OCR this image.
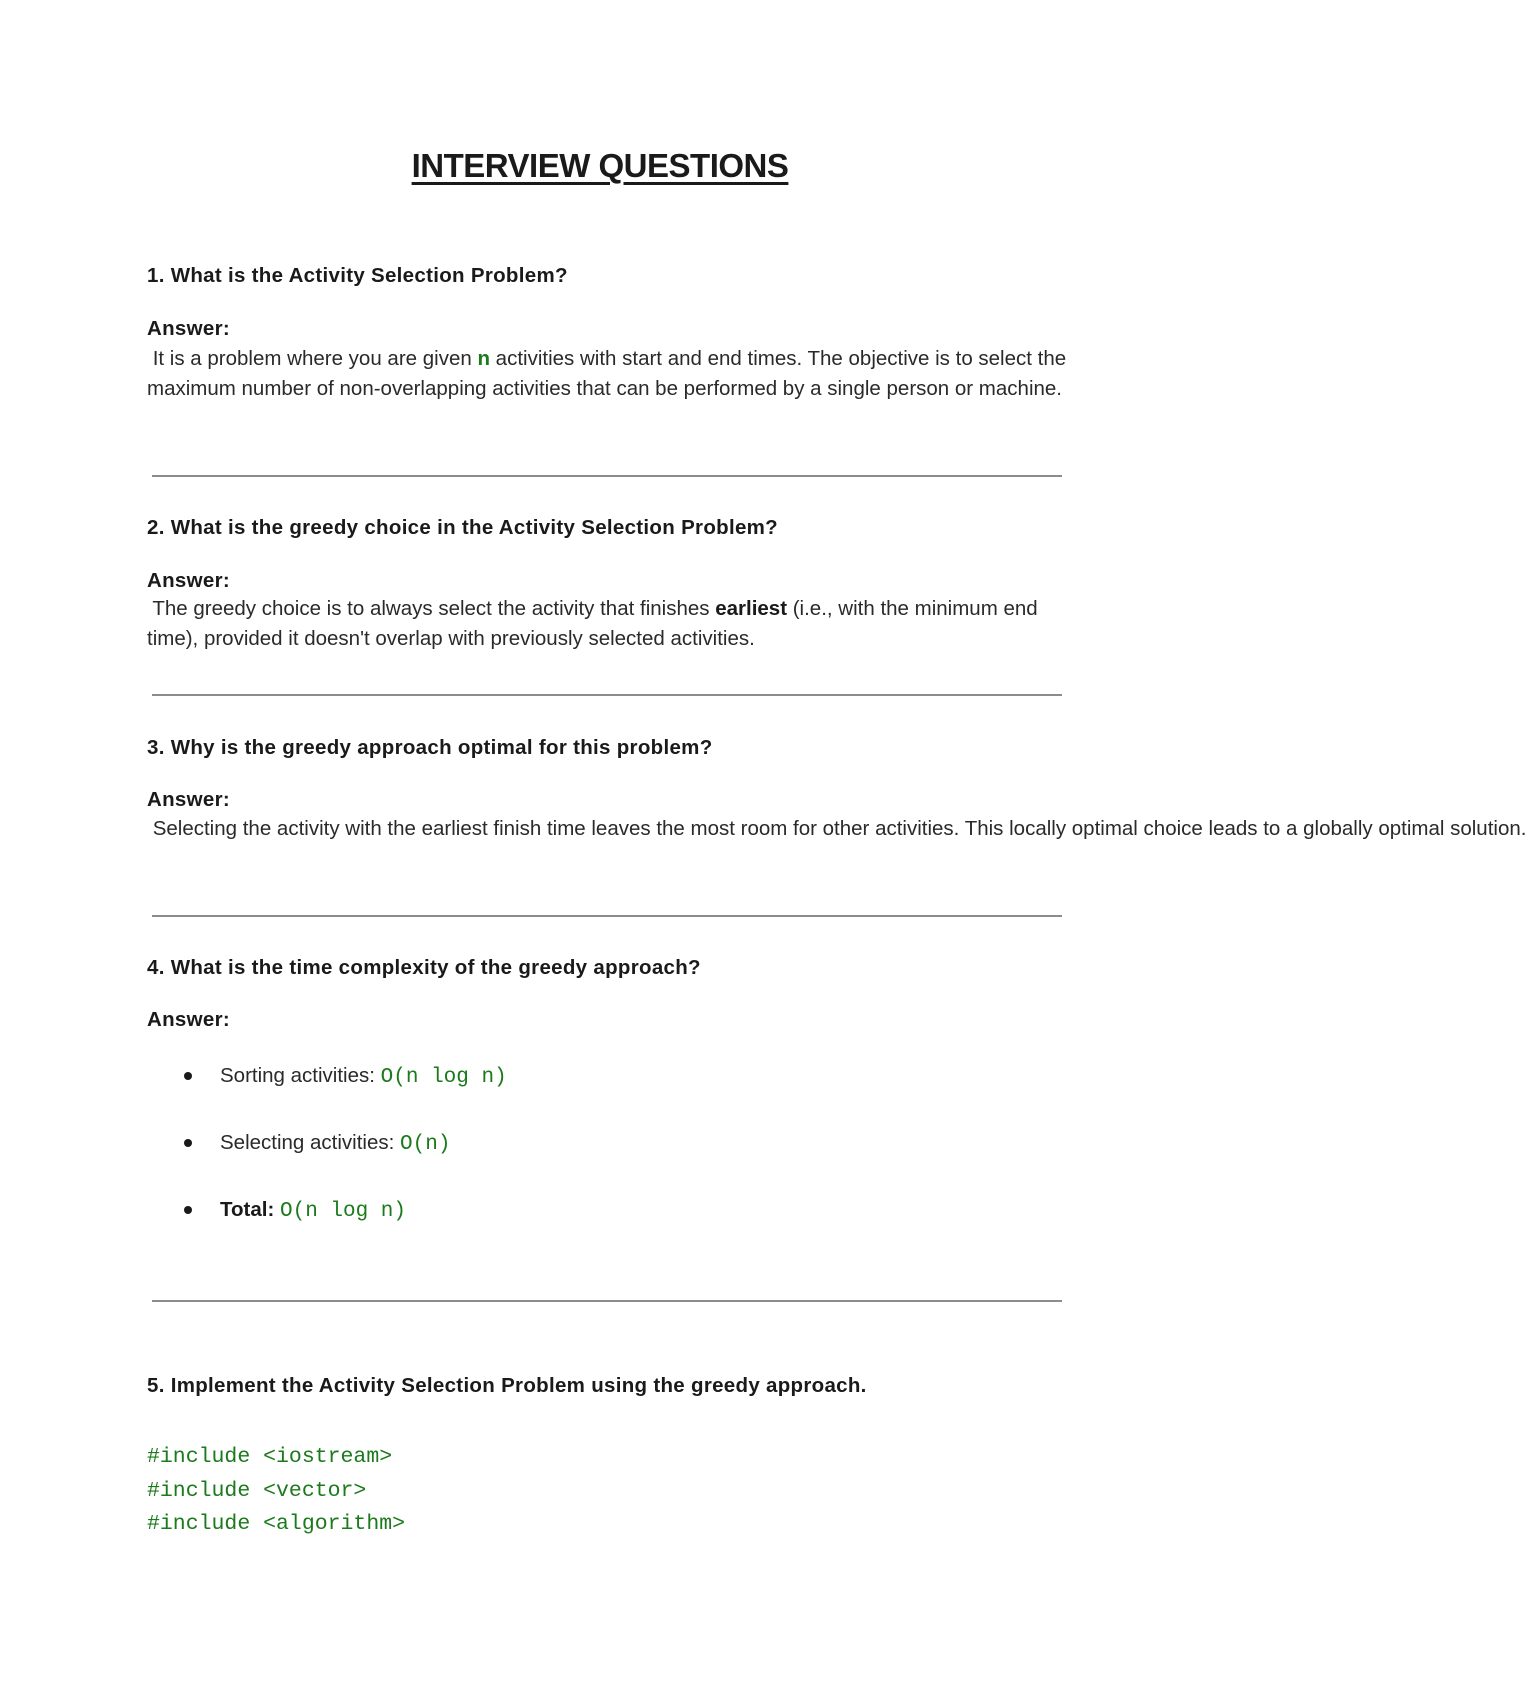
INTERVIEW QUESTIONS

1. What is the Activity Selection Problem?

Answer:

It is a problem where you are given n activities with start and end times. The objective is to select the maximum number of non-overlapping activities that can be performed by a single person or machine.

2. What is the greedy choice in the Activity Selection Problem?

Answer:

The greedy choice is to always select the activity that finishes earliest (i.e., with the minimum end time), provided it doesn't overlap with previously selected activities.

3. Why is the greedy approach optimal for this problem?

Answer:

Selecting the activity with the earliest finish time leaves the most room for other activities. This locally optimal choice leads to a globally optimal solution.

4. What is the time complexity of the greedy approach?

Answer:

Sorting activities: O(n log n)
Selecting activities: O(n)
Total: O(n log n)

5. Implement the Activity Selection Problem using the greedy approach.

#include <iostream>
#include <vector>
#include <algorithm>
